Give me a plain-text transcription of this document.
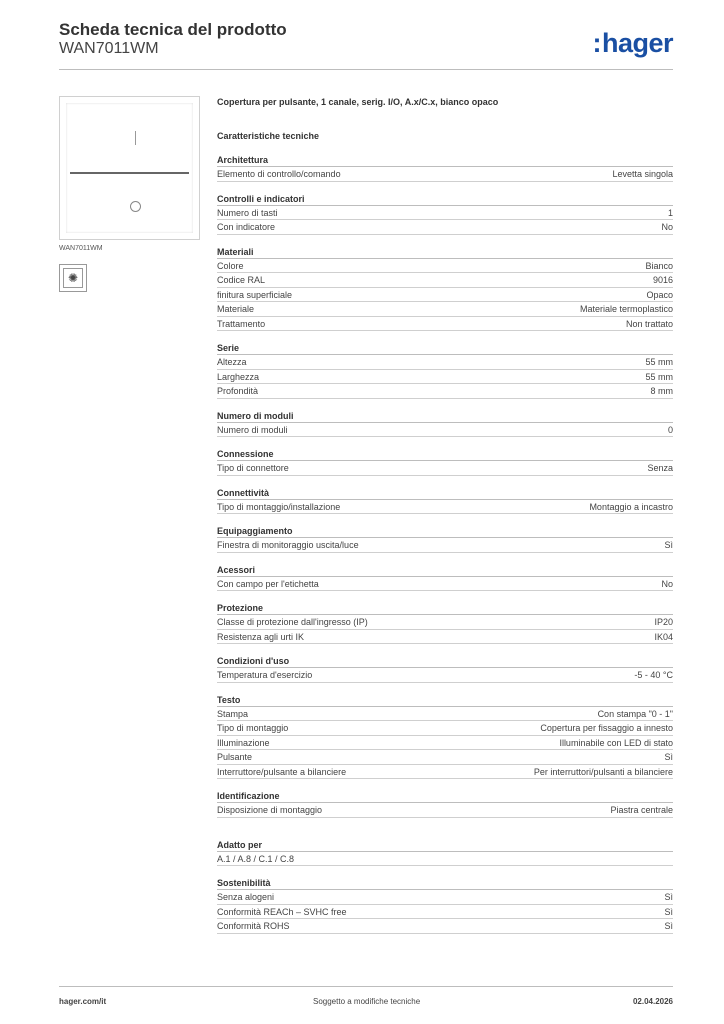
Scheda tecnica del prodotto
WAN7011WM	:hager
WAN7011WM
✺
Copertura per pulsante, 1 canale, serig. I/O, A.x/C.x, bianco opaco
Caratteristiche tecniche
Architettura
Elemento di controllo/comando	Levetta singola
Controlli e indicatori
Numero di tasti	1
Con indicatore	No
Materiali
Colore	Bianco
Codice RAL	9016
finitura superficiale	Opaco
Materiale	Materiale termoplastico
Trattamento	Non trattato
Serie
Altezza	55 mm
Larghezza	55 mm
Profondità	8 mm
Numero di moduli
Numero di moduli	0
Connessione
Tipo di connettore	Senza
Connettività
Tipo di montaggio/installazione	Montaggio a incastro
Equipaggiamento
Finestra di monitoraggio uscita/luce	Sì
Acessori
Con campo per l'etichetta	No
Protezione
Classe di protezione dall'ingresso (IP)	IP20
Resistenza agli urti IK	IK04
Condizioni d'uso
Temperatura d'esercizio	-5 - 40 °C
Testo
Stampa	Con stampa "0 - 1"
Tipo di montaggio	Copertura per fissaggio a innesto
Illuminazione	Illuminabile con LED di stato
Pulsante	Sì
Interruttore/pulsante a bilanciere	Per interruttori/pulsanti a bilanciere
Identificazione
Disposizione di montaggio	Piastra centrale
Adatto per
A.1 / A.8 / C.1 / C.8
Sostenibilità
Senza alogeni	Sì
Conformità REACh – SVHC free	Sì
Conformità ROHS	Sì
hager.com/it	Soggetto a modifiche tecniche	02.04.2026
